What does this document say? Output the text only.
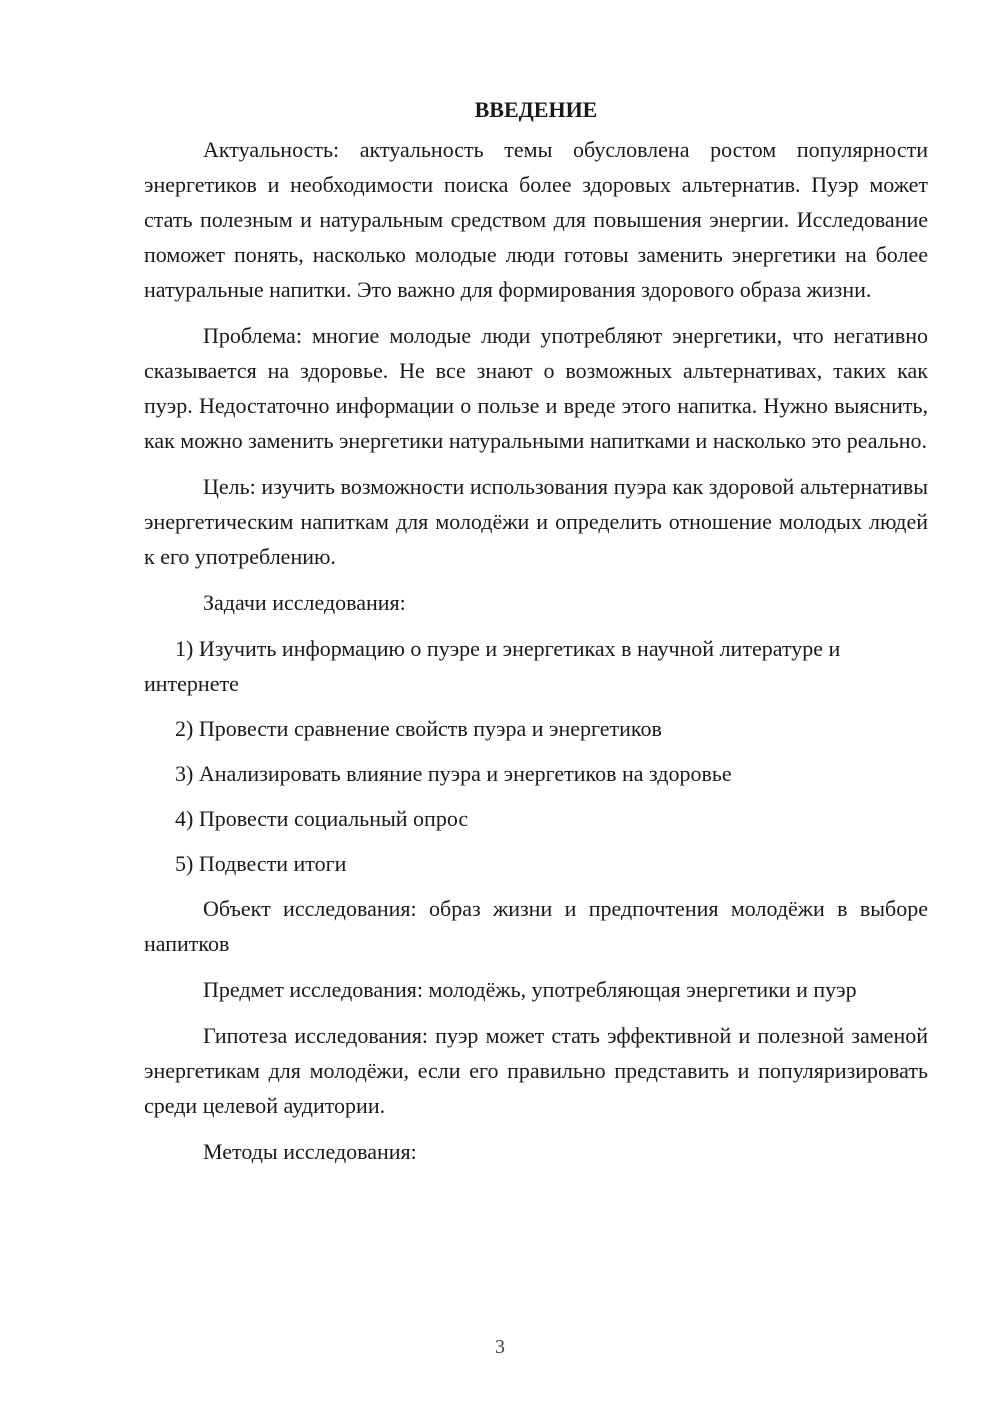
ВВЕДЕНИЕ

Актуальность: актуальность темы обусловлена ростом популярности энергетиков и необходимости поиска более здоровых альтернатив. Пуэр может стать полезным и натуральным средством для повышения энергии. Исследование поможет понять, насколько молодые люди готовы заменить энергетики на более натуральные напитки. Это важно для формирования здорового образа жизни.

Проблема: многие молодые люди употребляют энергетики, что негативно сказывается на здоровье. Не все знают о возможных альтернативах, таких как пуэр. Недостаточно информации о пользе и вреде этого напитка. Нужно выяснить, как можно заменить энергетики натуральными напитками и насколько это реально.

Цель: изучить возможности использования пуэра как здоровой альтернативы энергетическим напиткам для молодёжи и определить отношение молодых людей к его употреблению.

Задачи исследования:

1) Изучить информацию о пуэре и энергетиках в научной литературе и интернете

2) Провести сравнение свойств пуэра и энергетиков

3) Анализировать влияние пуэра и энергетиков на здоровье

4) Провести социальный опрос

5) Подвести итоги

Объект исследования: образ жизни и предпочтения молодёжи в выборе напитков

Предмет исследования: молодёжь, употребляющая энергетики и пуэр

Гипотеза исследования: пуэр может стать эффективной и полезной заменой энергетикам для молодёжи, если его правильно представить и популяризировать среди целевой аудитории.

Методы исследования:

3
